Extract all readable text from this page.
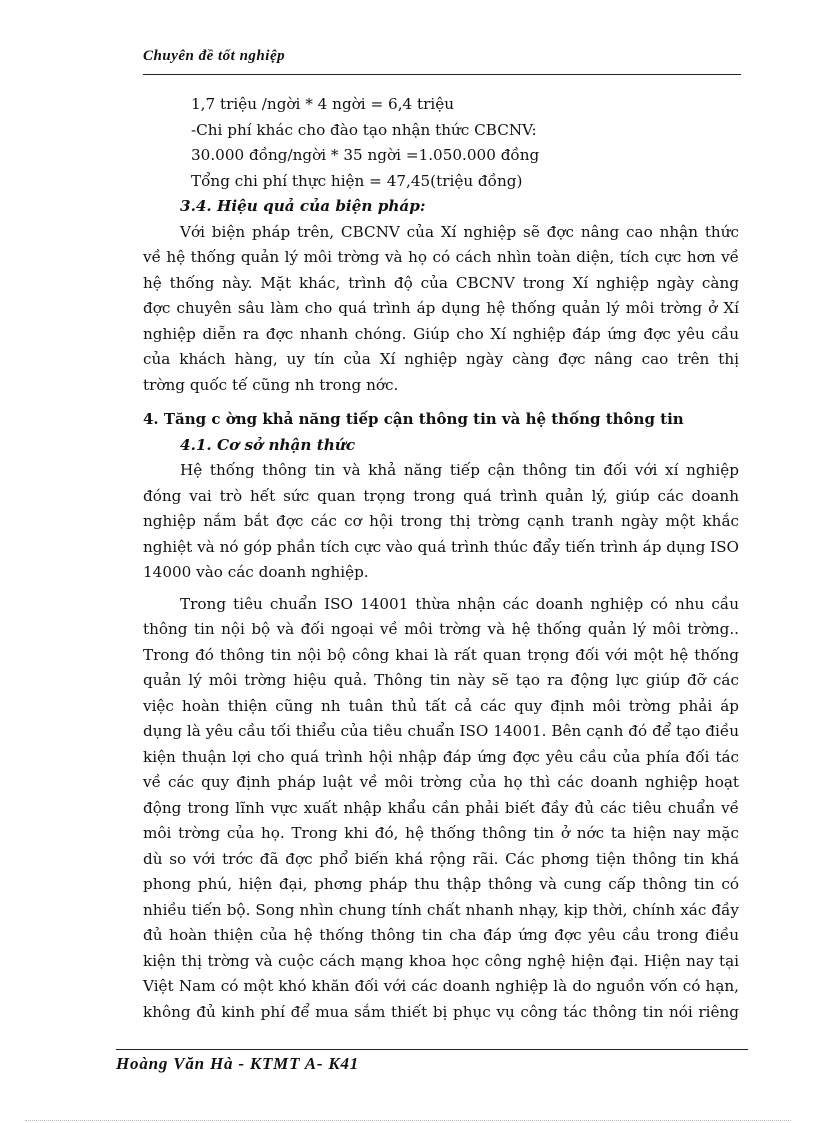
Chuyên đề tốt nghiệp
1,7 triệu /ngời * 4 ngời = 6,4 triệu
-Chi phí khác cho đào tạo nhận thức CBCNV:
30.000 đồng/ngời * 35 ngời =1.050.000 đồng
Tổng chi phí thực hiện = 47,45(triệu đồng)
3.4. Hiệu quả của biện pháp:
Với biện pháp trên, CBCNV của Xí nghiệp sẽ đợc nâng cao nhận thức
về hệ thống quản lý môi trờng và họ có cách nhìn toàn diện, tích cực hơn về
hệ thống này. Mặt khác, trình độ của CBCNV trong Xí nghiệp ngày càng
đợc chuyên sâu làm cho quá trình áp dụng hệ thống quản lý môi trờng ở Xí
nghiệp diễn ra đợc nhanh chóng. Giúp cho Xí nghiệp đáp ứng đợc yêu cầu
của khách hàng, uy tín của Xí nghiệp ngày càng đợc nâng cao trên thị
trờng quốc tế cũng nh trong nớc.
4. Tăng c ờng khả năng tiếp cận thông tin và hệ thống thông tin
4.1. Cơ sở nhận thức
Hệ thống thông tin và khả năng tiếp cận thông tin đối với xí nghiệp
đóng vai trò hết sức quan trọng trong quá trình quản lý, giúp các doanh
nghiệp nắm bắt đợc các cơ hội trong thị trờng cạnh tranh ngày một khắc
nghiệt và nó góp phần tích cực vào quá trình thúc đẩy tiến trình áp dụng ISO
14000 vào các doanh nghiệp.
Trong tiêu chuẩn ISO 14001 thừa nhận các doanh nghiệp có nhu cầu
thông tin nội bộ và đối ngoại về môi trờng và hệ thống quản lý môi trờng..
Trong đó thông tin nội bộ công khai là rất quan trọng đối với một hệ thống
quản lý môi trờng hiệu quả. Thông tin này sẽ tạo ra động lực giúp đỡ các
việc hoàn thiện cũng nh tuân thủ tất cả các quy định môi trờng phải áp
dụng là yêu cầu tối thiểu của tiêu chuẩn ISO 14001. Bên cạnh đó để tạo điều
kiện thuận lợi cho quá trình hội nhập đáp ứng đợc yêu cầu của phía đối tác
về các quy định pháp luật về môi trờng của họ thì các doanh nghiệp hoạt
động trong lĩnh vực xuất nhập khẩu cần phải biết đầy đủ các tiêu chuẩn về
môi trờng của họ. Trong khi đó, hệ thống thông tin ở nớc ta hiện nay mặc
dù so với trớc đã đợc phổ biến khá rộng rãi. Các phơng tiện thông tin khá
phong phú, hiện đại, phơng pháp thu thập thông và cung cấp thông tin có
nhiều tiến bộ. Song nhìn chung tính chất nhanh nhạy, kịp thời, chính xác đầy
đủ hoàn thiện của hệ thống thông tin cha đáp ứng đợc yêu cầu trong điều
kiện thị trờng và cuộc cách mạng khoa học công nghệ hiện đại. Hiện nay tại
Việt Nam có một khó khăn đối với các doanh nghiệp là do nguồn vốn có hạn,
không đủ kinh phí để mua sắm thiết bị phục vụ công tác thông tin nói riêng
Hoàng Văn Hà - KTMT A- K41
